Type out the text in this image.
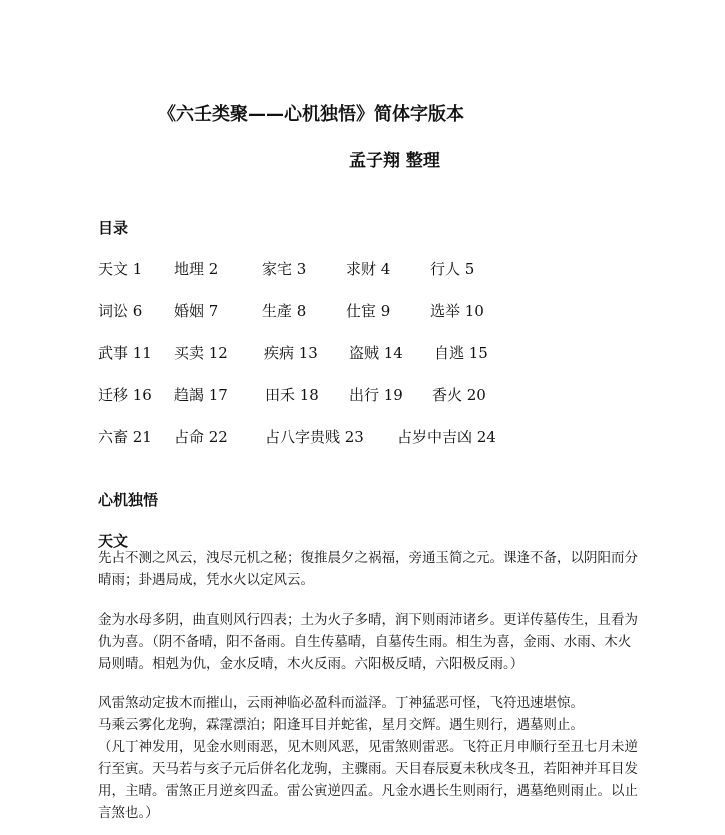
《六壬类聚——心机独悟》简体字版本
孟子翔 整理
目录
天文 1 地理 2	家宅 3	求财 4	行人 5
词讼 6 婚姻 7	生產 8	仕宦 9	选举 10
武事 11 买卖 12 疾病 13 盗贼 14 自逃 15
迁移 16 趋謁 17 田禾 18 出行 19 香火 20
六畜 21 占命 22 占八字贵贱 23 占岁中吉凶 24
心机独悟
天文
先占不测之风云，洩尽元机之秘；復推晨夕之祸福，旁通玉简之元。课逢不备，以阴阳而分
晴雨；卦遇局成，凭水火以定风云。
金为水母多阴，曲直则风行四表；土为火子多晴，润下则雨沛诸乡。更详传墓传生，且看为
仇为喜。（阴不备晴，阳不备雨。自生传墓晴，自墓传生雨。相生为喜，金雨、水雨、木火
局则晴。相剋为仇，金水反晴，木火反雨。六阳极反晴，六阳极反雨。）
风雷煞动定拔木而摧山，云雨神临必盈科而溢泽。丁神猛恶可怪，飞符迅速堪惊。
马乘云雾化龙驹，霖霪漂泊；阳逢耳目并蛇雀，星月交辉。遇生则行，遇墓则止。
（凡丁神发用，见金水则雨恶，见木则风恶，见雷煞则雷恶。飞符正月申顺行至丑七月未逆
行至寅。天马若与亥子元后併名化龙驹，主骤雨。天目春辰夏未秋戌冬丑，若阳神并耳目发
用，主晴。雷煞正月逆亥四孟。雷公寅逆四孟。凡金水遇长生则雨行，遇墓绝则雨止。以止
言煞也。）
